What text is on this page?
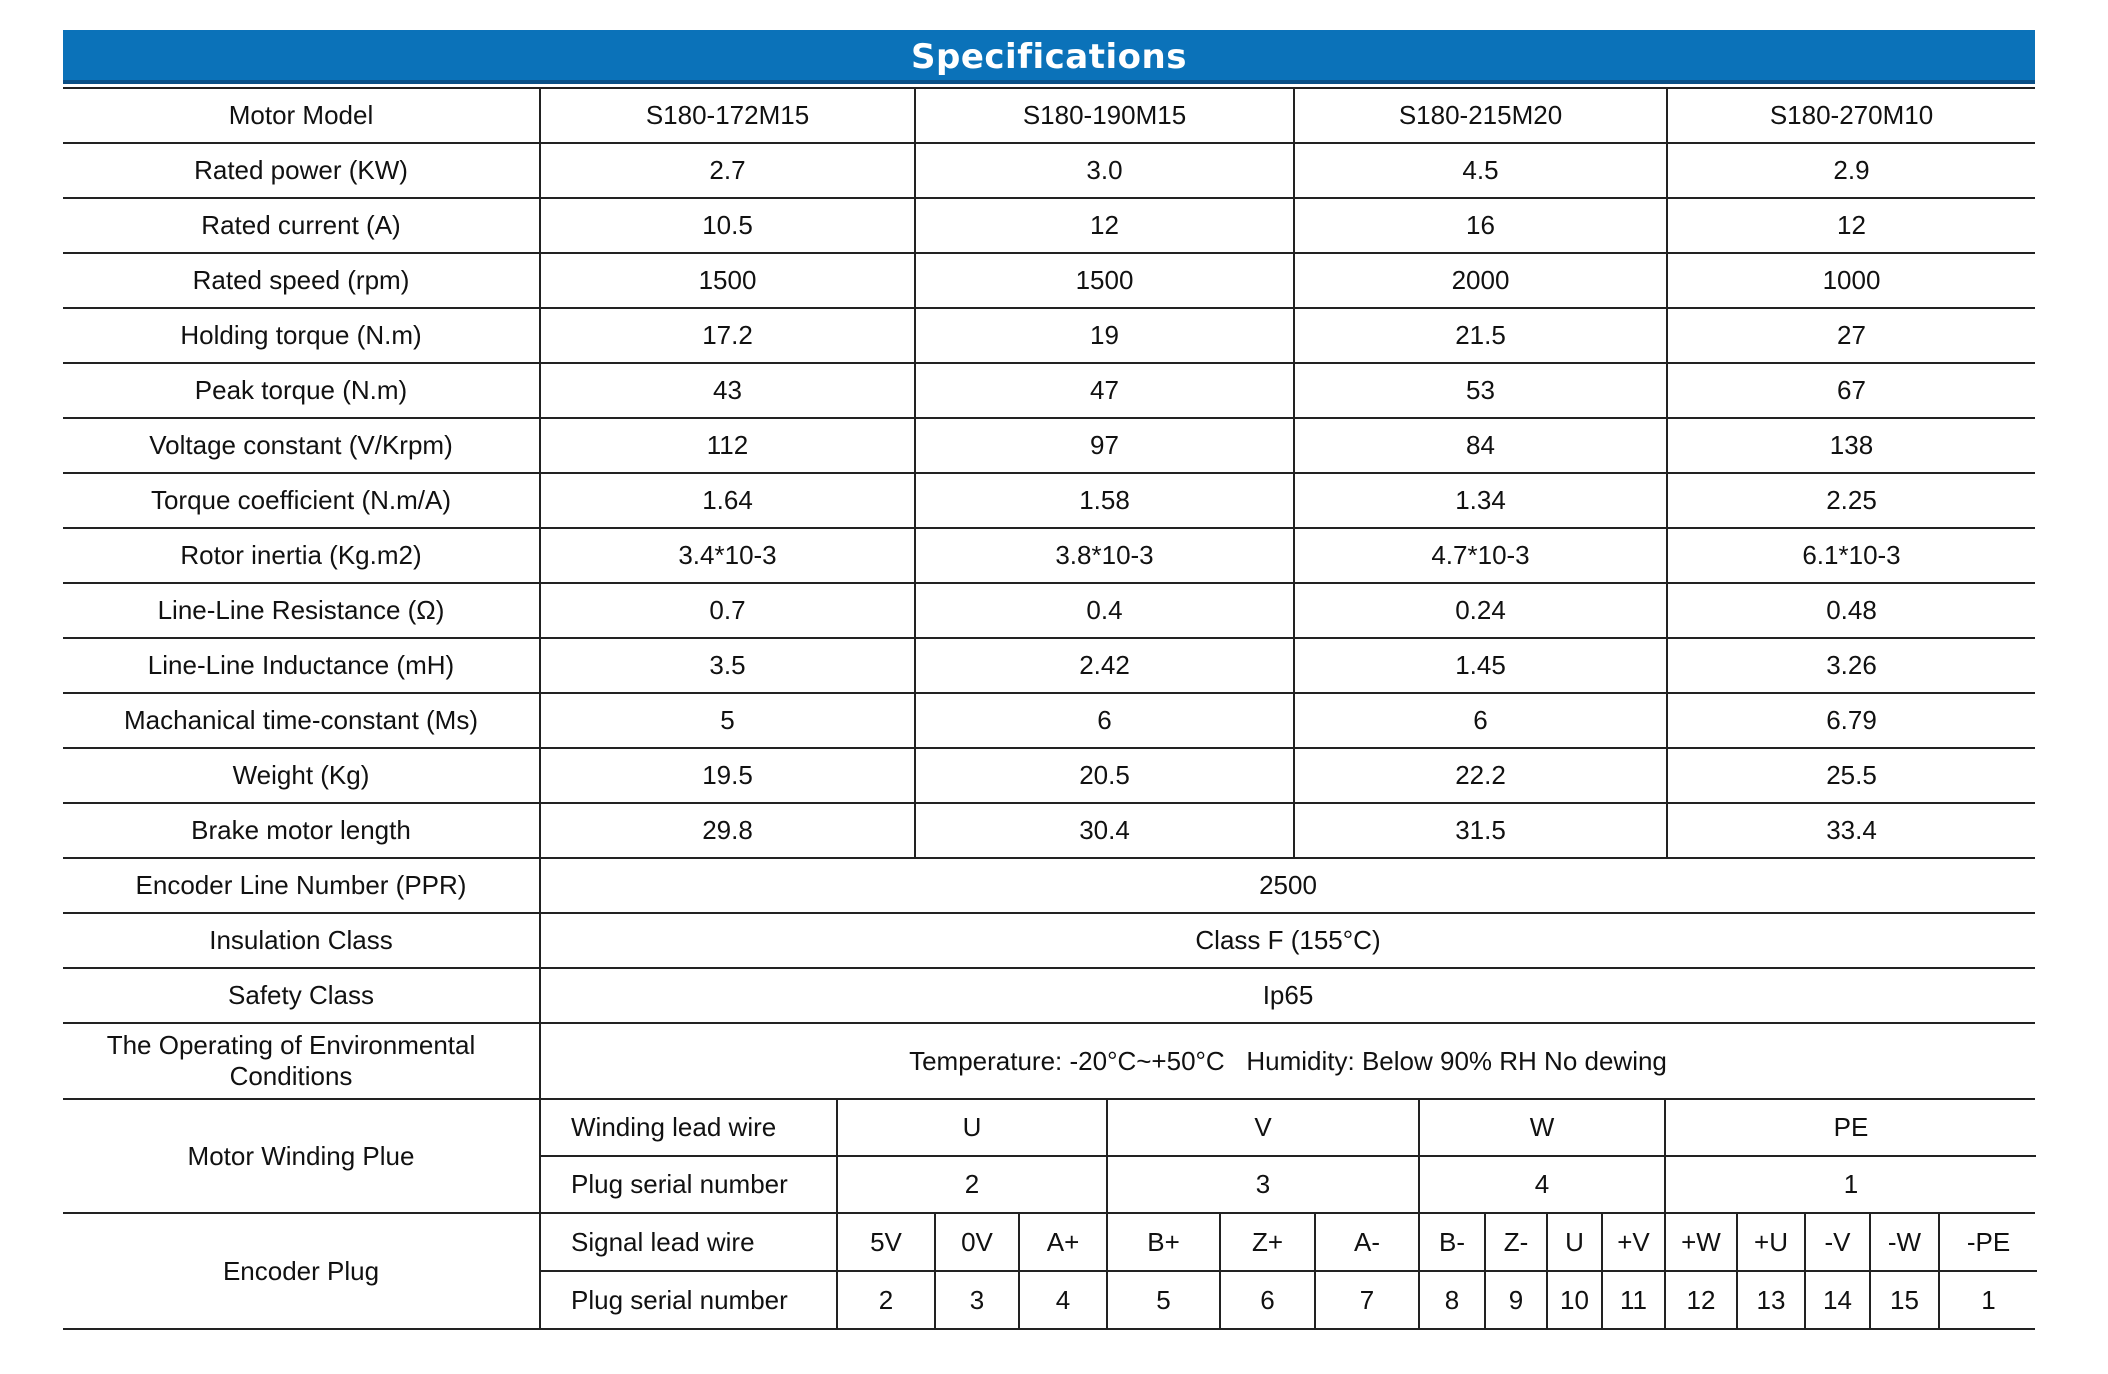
Specifications
Motor Model	S180-172M15	S180-190M15	S180-215M20	S180-270M10
Rated power (KW)	2.7	3.0	4.5	2.9
Rated current (A)	10.5	12	16	12
Rated speed (rpm)	1500	1500	2000	1000
Holding torque (N.m)	17.2	19	21.5	27
Peak torque (N.m)	43	47	53	67
Voltage constant (V/Krpm)	112	97	84	138
Torque coefficient (N.m/A)	1.64	1.58	1.34	2.25
Rotor inertia (Kg.m2)	3.4*10-3	3.8*10-3	4.7*10-3	6.1*10-3
Line-Line Resistance (Ω)	0.7	0.4	0.24	0.48
Line-Line Inductance (mH)	3.5	2.42	1.45	3.26
Machanical time-constant (Ms)	5	6	6	6.79
Weight (Kg)	19.5	20.5	22.2	25.5
Brake motor length	29.8	30.4	31.5	33.4
Encoder Line Number (PPR)	2500
Insulation Class	Class F (155°C)
Safety Class	Ip65
The Operating of Environmental Conditions	Temperature: -20°C~+50°C   Humidity: Below 90% RH No dewing
Motor Winding Plue	
Winding lead wire	U	V	W	PE
Plug serial number	2	3	4	1

Encoder Plug	
Signal lead wire	5V	0V	A+	B+	Z+	A-	B-	Z-	U	+V	+W	+U	-V	-W	-PE
Plug serial number	2	3	4	5	6	7	8	9	10	11	12	13	14	15	1
